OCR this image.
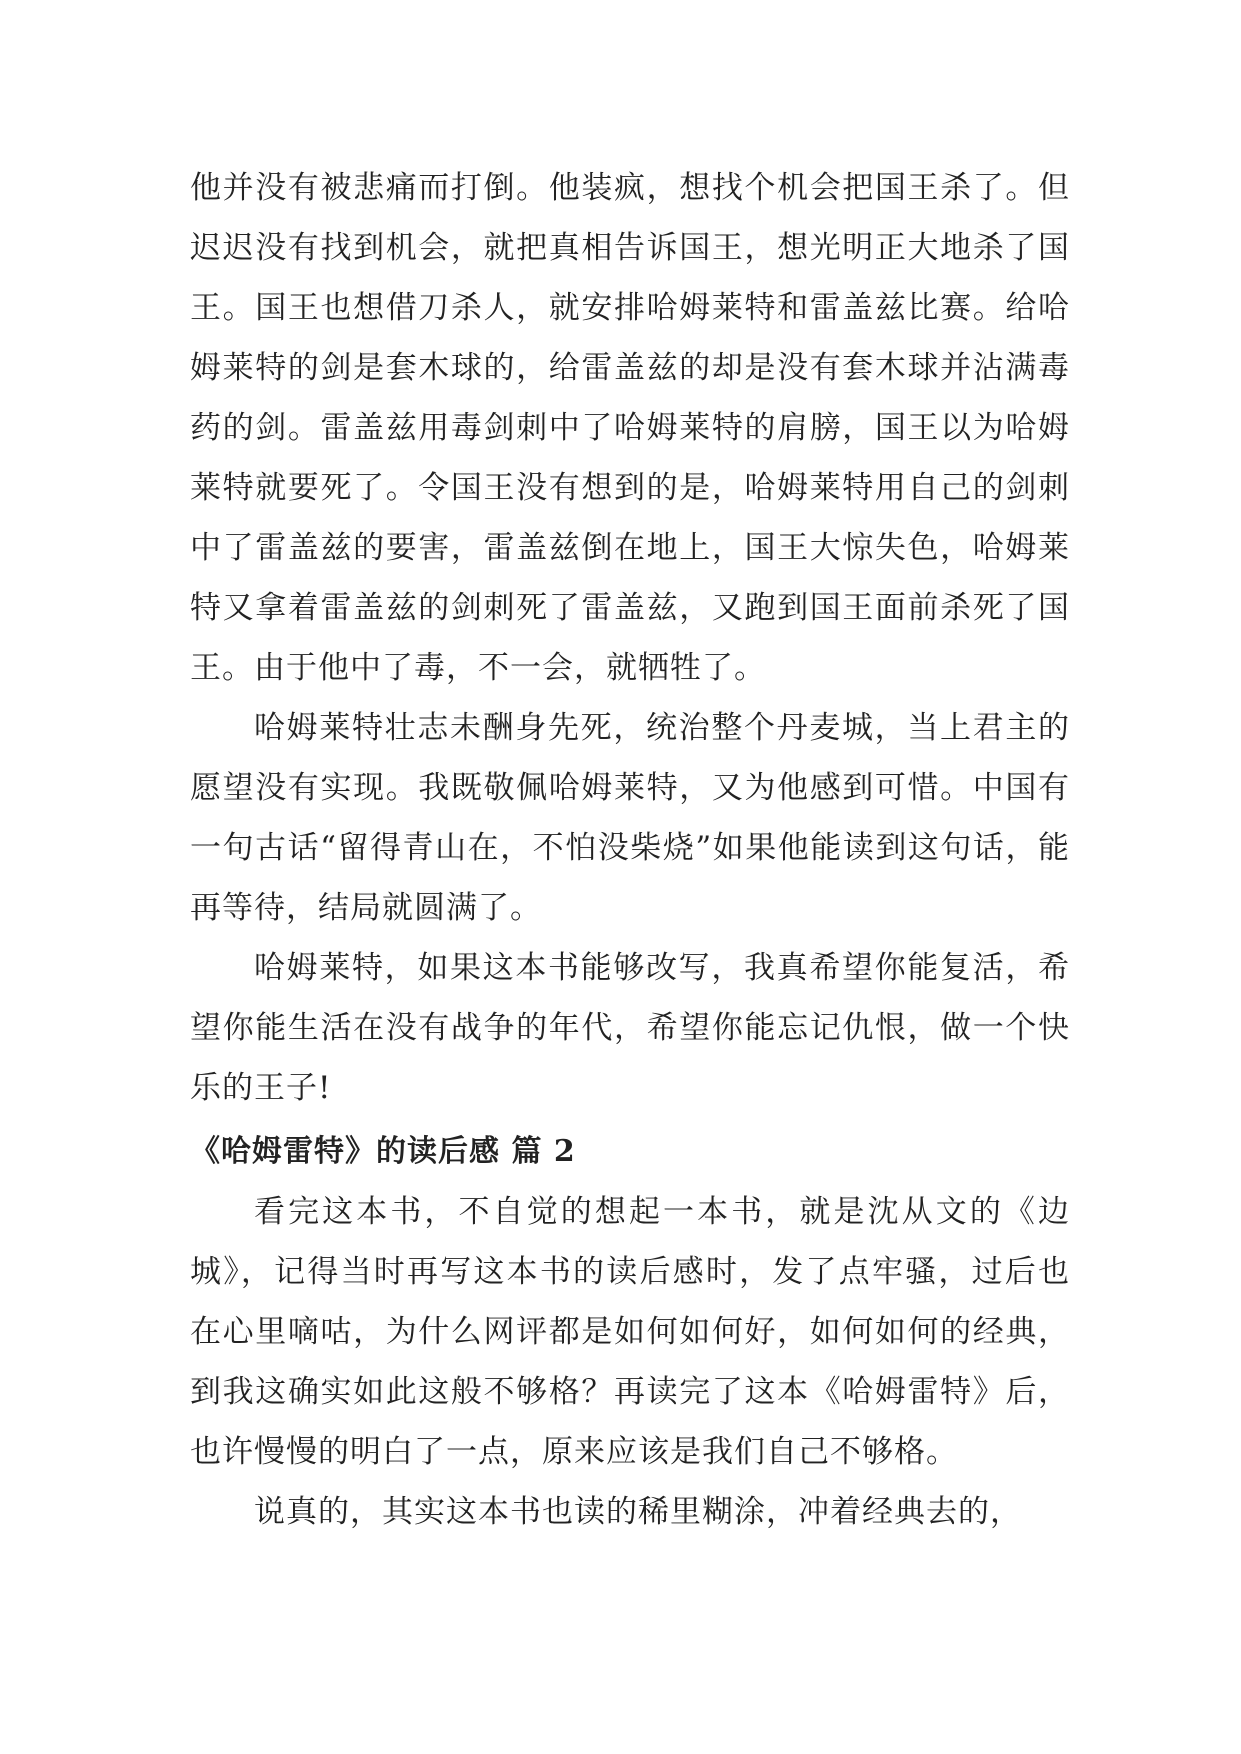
他并没有被悲痛而打倒。他装疯，想找个机会把国王杀了。但迟迟没有找到机会，就把真相告诉国王，想光明正大地杀了国王。国王也想借刀杀人，就安排哈姆莱特和雷盖兹比赛。给哈姆莱特的剑是套木球的，给雷盖兹的却是没有套木球并沾满毒药的剑。雷盖兹用毒剑刺中了哈姆莱特的肩膀，国王以为哈姆莱特就要死了。令国王没有想到的是，哈姆莱特用自己的剑刺中了雷盖兹的要害，雷盖兹倒在地上，国王大惊失色，哈姆莱特又拿着雷盖兹的剑刺死了雷盖兹，又跑到国王面前杀死了国王。由于他中了毒，不一会，就牺牲了。

哈姆莱特壮志未酬身先死，统治整个丹麦城，当上君主的愿望没有实现。我既敬佩哈姆莱特，又为他感到可惜。中国有一句古话“留得青山在，不怕没柴烧”如果他能读到这句话，能再等待，结局就圆满了。

哈姆莱特，如果这本书能够改写，我真希望你能复活，希望你能生活在没有战争的年代，希望你能忘记仇恨，做一个快乐的王子!

《哈姆雷特》的读后感 篇 2

看完这本书，不自觉的想起一本书，就是沈从文的《边城》，记得当时再写这本书的读后感时，发了点牢骚，过后也在心里嘀咕，为什么网评都是如何如何好，如何如何的经典，到我这确实如此这般不够格？再读完了这本《哈姆雷特》后，也许慢慢的明白了一点，原来应该是我们自己不够格。

说真的，其实这本书也读的稀里糊涂，冲着经典去的，
